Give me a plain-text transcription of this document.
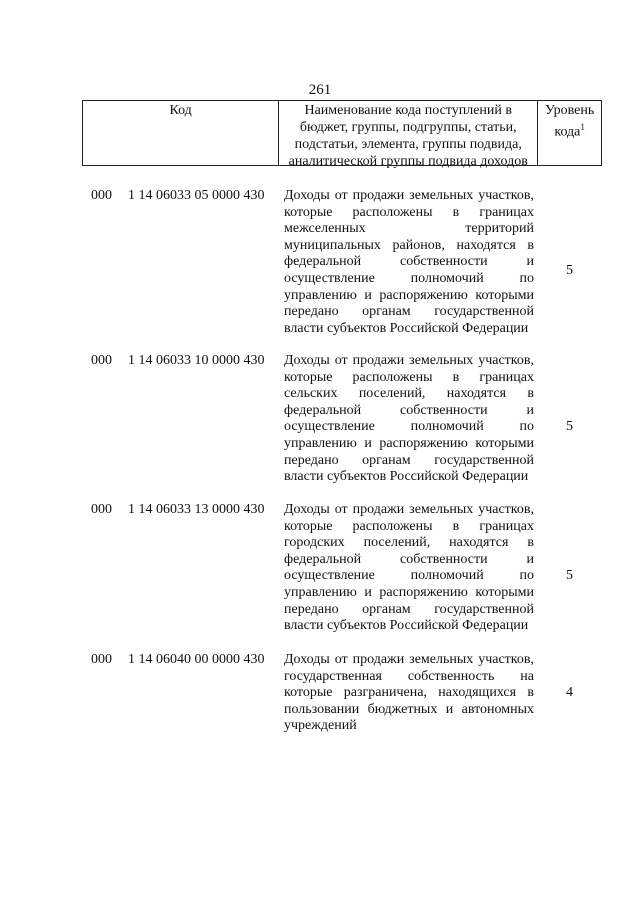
261
Код	Наименование кода поступлений в бюджет, группы, подгруппы, статьи, подстатьи, элемента, группы подвида, аналитической группы подвида доходов
Уровень кода$^1$
000 1 14 06033 05 0000 430 Доходы от продажи земельных участков, которые расположены в границах межселенных территорий муниципальных районов, находятся в федеральной собственности и осуществление полномочий по управлению и распоряжению которыми передано органам государственной власти субъектов Российской Федерации
5
000 1 14 06033 10 0000 430 Доходы от продажи земельных участков, которые расположены в границах сельских поселений, находятся в федеральной собственности и осуществление полномочий по управлению и распоряжению которыми передано органам государственной власти субъектов Российской Федерации
5
000 1 14 06033 13 0000 430 Доходы от продажи земельных участков, которые расположены в границах городских поселений, находятся в федеральной собственности и осуществление полномочий по управлению и распоряжению которыми передано органам государственной власти субъектов Российской Федерации
5
000 1 14 06040 00 0000 430 Доходы от продажи земельных участков, государственная собственность на которые разграничена, находящихся в пользовании бюджетных и автономных учреждений
4
